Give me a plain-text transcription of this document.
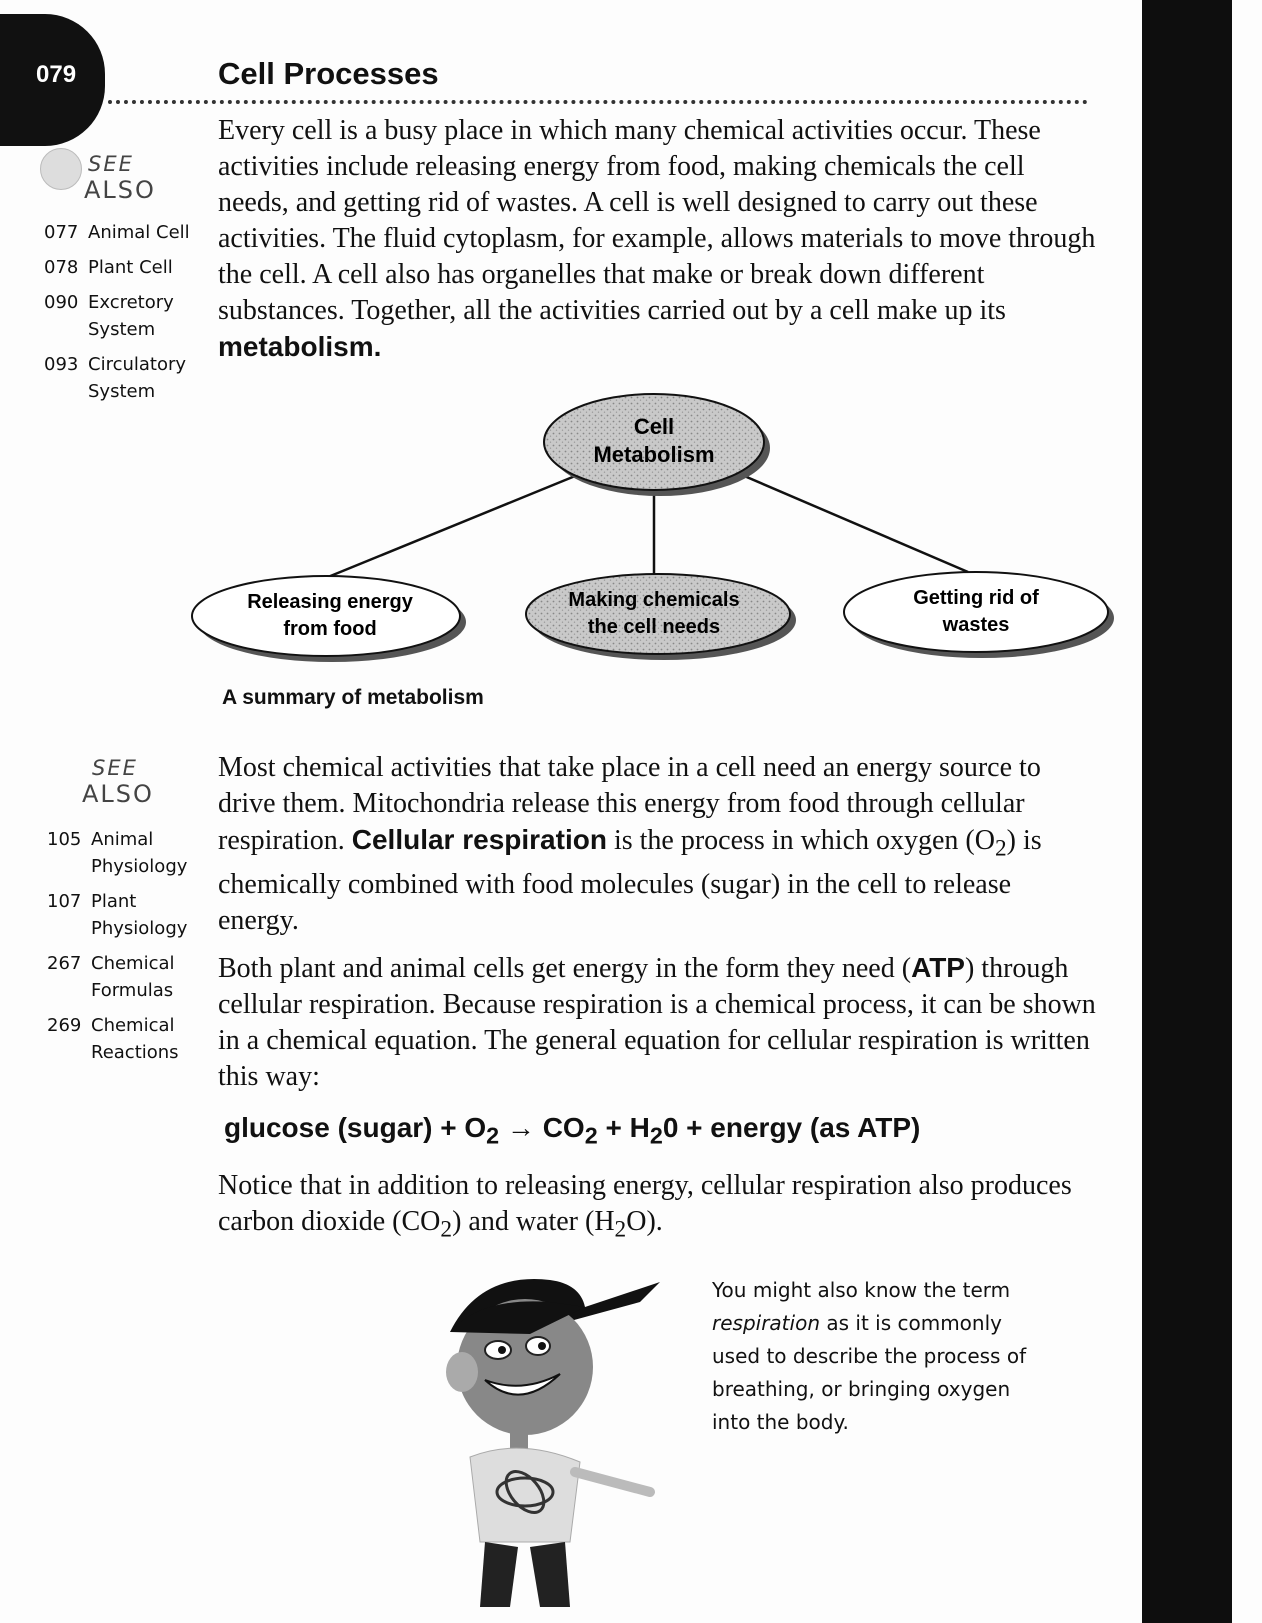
079	Cell Processes
SEE
ALSO
077 Animal Cell
078 Plant Cell
090 Excretory System
093 Circulatory System
SEE
ALSO
105 Animal Physiology
107 Plant Physiology
267 Chemical Formulas
269 Chemical Reactions
Every cell is a busy place in which many chemical activities occur. These activities include releasing energy from food, making chemicals the cell needs, and getting rid of wastes. A cell is well designed to carry out these activities. The fluid cytoplasm, for example, allows materials to move through the cell. A cell also has organelles that make or break down different substances. Together, all the activities carried out by a cell make up its metabolism.
Cell
Metabolism
Releasing energy
from food
Making chemicals
the cell needs
Getting rid of
wastes
A summary of metabolism
Most chemical activities that take place in a cell need an energy source to drive them. Mitochondria release this energy from food through cellular respiration. Cellular respiration is the process in which oxygen $(O_2)$ is chemically combined with food molecules (sugar) in the cell to release energy.
Both plant and animal cells get energy in the form they need (ATP) through cellular respiration. Because respiration is a chemical process, it can be shown in a chemical equation. The general equation for cellular respiration is written this way:
glucose (sugar) + $O_2 \to CO_2 + H_20$ + energy (as ATP)
Notice that in addition to releasing energy, cellular respiration also produces carbon dioxide $(CO_2)$ and water $(H_2O)$.
You might also know the term respiration as it is commonly used to describe the process of breathing, or bringing oxygen into the body.
